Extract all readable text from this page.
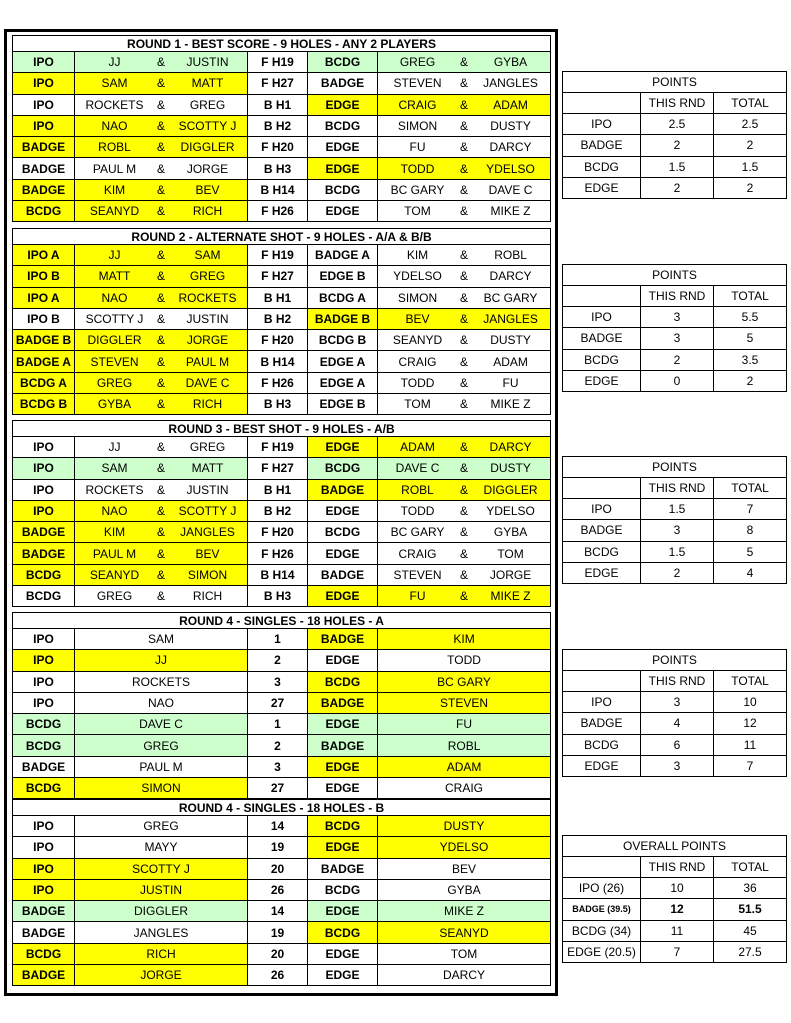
ROUND 1 - BEST SCORE - 9 HOLES - ANY 2 PLAYERS				
IPO	JJ & JUSTIN	F H19	BCDG	GREG & GYBA

IPO	SAM & MATT	F H27	BADGE	STEVEN & JANGLES

IPO	ROCKETS & GREG	B H1	EDGE	CRAIG & ADAM

IPO	NAO & SCOTTY J	B H2	BCDG	SIMON & DUSTY

BADGE	ROBL & DIGGLER	F H20	EDGE	FU & DARCY

BADGE	PAUL M & JORGE	B H3	EDGE	TODD & YDELSO

BADGE	KIM & BEV	B H14	BCDG	BC GARY & DAVE C

BCDG	SEANYD & RICH	F H26	EDGE	TOM & MIKE Z
ROUND 2 - ALTERNATE SHOT - 9 HOLES - A/A & B/B				
IPO A	JJ & SAM	F H19	BADGE A	KIM & ROBL

IPO B	MATT & GREG	F H27	EDGE B	YDELSO & DARCY

IPO A	NAO & ROCKETS	B H1	BCDG A	SIMON & BC GARY

IPO B	SCOTTY J & JUSTIN	B H2	BADGE B	BEV & JANGLES

BADGE B	DIGGLER & JORGE	F H20	BCDG B	SEANYD & DUSTY

BADGE A	STEVEN & PAUL M	B H14	EDGE A	CRAIG & ADAM

BCDG A	GREG & DAVE C	F H26	EDGE A	TODD & FU

BCDG B	GYBA & RICH	B H3	EDGE B	TOM & MIKE Z
ROUND 3 - BEST SHOT - 9 HOLES - A/B				
IPO	JJ & GREG	F H19	EDGE	ADAM & DARCY

IPO	SAM & MATT	F H27	BCDG	DAVE C & DUSTY

IPO	ROCKETS & JUSTIN	B H1	BADGE	ROBL & DIGGLER

IPO	NAO & SCOTTY J	B H2	EDGE	TODD & YDELSO

BADGE	KIM & JANGLES	F H20	BCDG	BC GARY & GYBA

BADGE	PAUL M & BEV	F H26	EDGE	CRAIG & TOM

BCDG	SEANYD & SIMON	B H14	BADGE	STEVEN & JORGE

BCDG	GREG & RICH	B H3	EDGE	FU & MIKE Z
ROUND 4 - SINGLES - 18 HOLES - A				
IPO	SAM	1	BADGE	KIM
IPO	JJ	2	EDGE	TODD
IPO	ROCKETS	3	BCDG	BC GARY
IPO	NAO	27	BADGE	STEVEN
BCDG	DAVE C	1	EDGE	FU
BCDG	GREG	2	BADGE	ROBL
BADGE	PAUL M	3	EDGE	ADAM
BCDG	SIMON	27	EDGE	CRAIG
ROUND 4 - SINGLES - 18 HOLES - B				
IPO	GREG	14	BCDG	DUSTY
IPO	MAYY	19	EDGE	YDELSO
IPO	SCOTTY J	20	BADGE	BEV
IPO	JUSTIN	26	BCDG	GYBA
BADGE	DIGGLER	14	EDGE	MIKE Z
BADGE	JANGLES	19	BCDG	SEANYD
BCDG	RICH	20	EDGE	TOM
BADGE	JORGE	26	EDGE	DARCY
POINTS		
	THIS RND	TOTAL
IPO	2.5	2.5
BADGE	2	2
BCDG	1.5	1.5
EDGE	2	2
POINTS		
	THIS RND	TOTAL
IPO	3	5.5
BADGE	3	5
BCDG	2	3.5
EDGE	0	2
POINTS		
	THIS RND	TOTAL
IPO	1.5	7
BADGE	3	8
BCDG	1.5	5
EDGE	2	4
POINTS		
	THIS RND	TOTAL
IPO	3	10
BADGE	4	12
BCDG	6	11
EDGE	3	7
OVERALL POINTS		
	THIS RND	TOTAL
IPO (26)	10	36
BADGE (39.5)	12	51.5
BCDG (34)	11	45
EDGE (20.5)	7	27.5
